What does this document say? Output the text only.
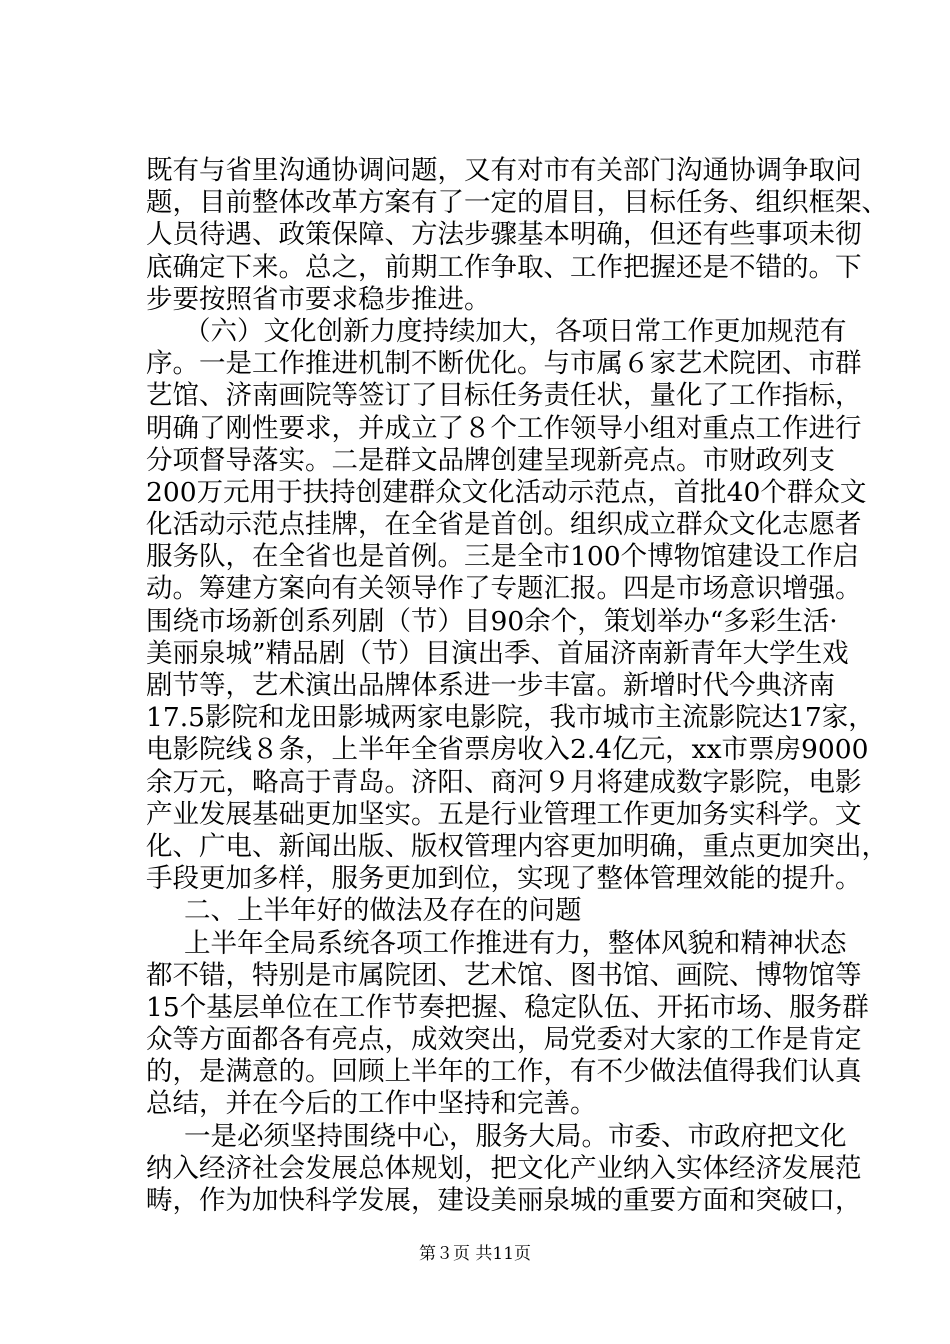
既 有 与 省 里 沟 通 协 调 问 题 ， 又 有 对 市 有 关 部 门 沟 通 协 调 争 取 问
题 ， 目 前 整 体 改 革 方 案 有 了 一 定 的 眉 目 ， 目 标 任 务 、 组 织 框 架 、
人 员 待 遇 、 政 策 保 障 、 方 法 步 骤 基 本 明 确 ， 但 还 有 些 事 项 未 彻
底 确 定 下 来 。 总 之 ， 前 期 工 作 争 取 、 工 作 把 握 还 是 不 错 的 。 下
步要按照省市要求稳步推进。
（ 六 ） 文 化 创 新 力 度 持 续 加 大 ， 各 项 日 常 工 作 更 加 规 范 有
序 。 一 是 工 作 推 进 机 制 不 断 优 化 。 与 市 属 ６ 家 艺 术 院 团 、 市 群
艺 馆 、 济 南 画 院 等 签 订 了 目 标 任 务 责 任 状 ， 量 化 了 工 作 指 标 ，
明 确 了 刚 性 要 求 ， 并 成 立 了 ８ 个 工 作 领 导 小 组 对 重 点 工 作 进 行
分 项 督 导 落 实 。 二 是 群 文 品 牌 创 建 呈 现 新 亮 点 。 市 财 政 列 支
200 万 元 用 于 扶 持 创 建 群 众 文 化 活 动 示 范 点 ， 首 批 40 个 群 众 文
化 活 动 示 范 点 挂 牌 ， 在 全 省 是 首 创 。 组 织 成 立 群 众 文 化 志 愿 者
服 务 队 ， 在 全 省 也 是 首 例 。 三 是 全 市 100 个 博 物 馆 建 设 工 作 启
动 。 筹 建 方 案 向 有 关 领 导 作 了 专 题 汇 报 。 四 是 市 场 意 识 增 强 。
围 绕 市 场 新 创 系 列 剧 （ 节 ） 目 90 余 个 ， 策 划 举 办 “ 多 彩 生 活 ·
美 丽 泉 城 ” 精 品 剧 （ 节 ） 目 演 出 季 、 首 届 济 南 新 青 年 大 学 生 戏
剧 节 等 ， 艺 术 演 出 品 牌 体 系 进 一 步 丰 富 。 新 增 时 代 今 典 济 南
17.5 影 院 和 龙 田 影 城 两 家 电 影 院 ， 我 市 城 市 主 流 影 院 达 17 家 ，
电 影 院 线 ８ 条 ， 上 半 年 全 省 票 房 收 入 2.4 亿 元 ， xx 市 票 房 9000
余 万 元 ， 略 高 于 青 岛 。 济 阳 、 商 河 ９ 月 将 建 成 数 字 影 院 ， 电 影
产 业 发 展 基 础 更 加 坚 实 。 五 是 行 业 管 理 工 作 更 加 务 实 科 学 。 文
化 、 广 电 、 新 闻 出 版 、 版 权 管 理 内 容 更 加 明 确 ， 重 点 更 加 突 出 ，
手段更加多样，服务更加到位，实现了整体管理效能的提升。
二、上半年好的做法及存在的问题
上 半 年 全 局 系 统 各 项 工 作 推 进 有 力 ， 整 体 风 貌 和 精 神 状 态
都 不 错 ， 特 别 是 市 属 院 团 、 艺 术 馆 、 图 书 馆 、 画 院 、 博 物 馆 等
15 个 基 层 单 位 在 工 作 节 奏 把 握 、 稳 定 队 伍 、 开 拓 市 场 、 服 务 群
众 等 方 面 都 各 有 亮 点 ， 成 效 突 出 ， 局 党 委 对 大 家 的 工 作 是 肯 定
的 ， 是 满 意 的 。 回 顾 上 半 年 的 工 作 ， 有 不 少 做 法 值 得 我 们 认 真
总结，并在今后的工作中坚持和完善。
一 是 必 须 坚 持 围 绕 中 心 ， 服 务 大 局 。 市 委 、 市 政 府 把 文 化
纳 入 经 济 社 会 发 展 总 体 规 划 ， 把 文 化 产 业 纳 入 实 体 经 济 发 展 范
畴 ， 作 为 加 快 科 学 发 展 ， 建 设 美 丽 泉 城 的 重 要 方 面 和 突 破 口 ，
第３页 共11页
